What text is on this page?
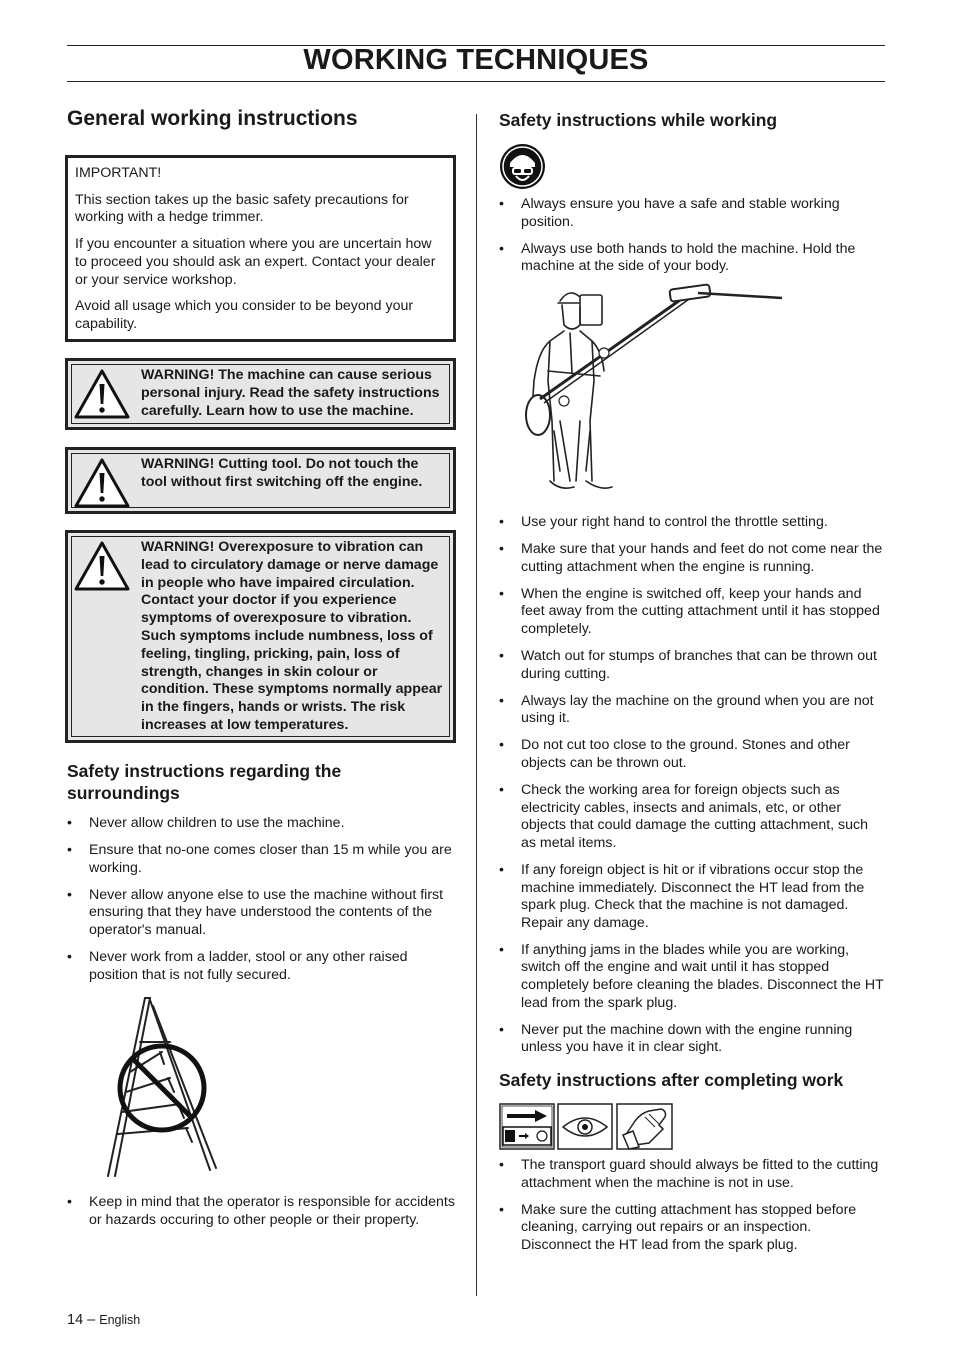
WORKING TECHNIQUES
General working instructions

IMPORTANT!

This section takes up the basic safety precautions for working with a hedge trimmer.

If you encounter a situation where you are uncertain how to proceed you should ask an expert. Contact your dealer or your service workshop.

Avoid all usage which you consider to be beyond your capability.

WARNING! The machine can cause serious personal injury. Read the safety instructions carefully. Learn how to use the machine.
WARNING! Cutting tool. Do not touch the tool without first switching off the engine.
WARNING! Overexposure to vibration can lead to circulatory damage or nerve damage in people who have impaired circulation. Contact your doctor if you experience symptoms of overexposure to vibration. Such symptoms include numbness, loss of feeling, tingling, pricking, pain, loss of strength, changes in skin colour or condition. These symptoms normally appear in the fingers, hands or wrists. The risk increases at low temperatures.
Safety instructions regarding the surroundings
• Never allow children to use the machine.
• Ensure that no-one comes closer than 15 m while you are working.
• Never allow anyone else to use the machine without first ensuring that they have understood the contents of the operator's manual.
• Never work from a ladder, stool or any other raised position that is not fully secured.
• Keep in mind that the operator is responsible for accidents or hazards occuring to other people or their property.
Safety instructions while working
• Always ensure you have a safe and stable working position.
• Always use both hands to hold the machine. Hold the machine at the side of your body.
• Use your right hand to control the throttle setting.
• Make sure that your hands and feet do not come near the cutting attachment when the engine is running.
• When the engine is switched off, keep your hands and feet away from the cutting attachment until it has stopped completely.
• Watch out for stumps of branches that can be thrown out during cutting.
• Always lay the machine on the ground when you are not using it.
• Do not cut too close to the ground. Stones and other objects can be thrown out.
• Check the working area for foreign objects such as electricity cables, insects and animals, etc, or other objects that could damage the cutting attachment, such as metal items.
• If any foreign object is hit or if vibrations occur stop the machine immediately. Disconnect the HT lead from the spark plug. Check that the machine is not damaged. Repair any damage.
• If anything jams in the blades while you are working, switch off the engine and wait until it has stopped completely before cleaning the blades. Disconnect the HT lead from the spark plug.
• Never put the machine down with the engine running unless you have it in clear sight.
Safety instructions after completing work
• The transport guard should always be fitted to the cutting attachment when the machine is not in use.
• Make sure the cutting attachment has stopped before cleaning, carrying out repairs or an inspection. Disconnect the HT lead from the spark plug.
14 – English
